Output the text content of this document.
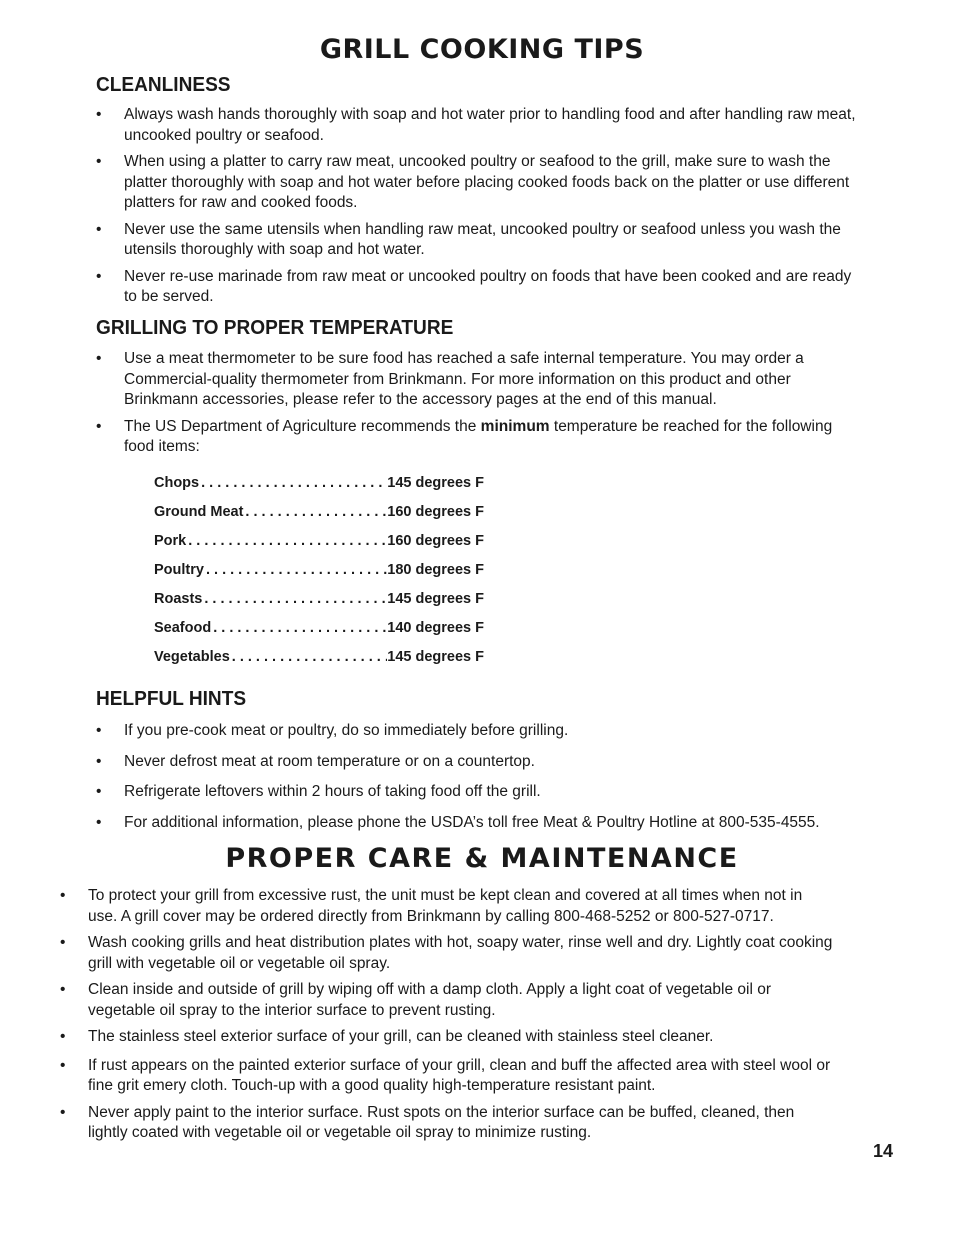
GRILL COOKING TIPS
CLEANLINESS
• Always wash hands thoroughly with soap and hot water prior to handling food and after handling raw meat, uncooked poultry or seafood.
• When using a platter to carry raw meat, uncooked poultry or seafood to the grill, make sure to wash the platter thoroughly with soap and hot water before placing cooked foods back on the platter or use different platters for raw and cooked foods.
• Never use the same utensils when handling raw meat, uncooked poultry or seafood unless you wash the utensils thoroughly with soap and hot water.
• Never re-use marinade from raw meat or uncooked poultry on foods that have been cooked and are ready to be served.
GRILLING TO PROPER TEMPERATURE
• Use a meat thermometer to be sure food has reached a safe internal temperature. You may order a Commercial-quality thermometer from Brinkmann. For more information on this product and other Brinkmann accessories, please refer to the accessory pages at the end of this manual.
• The US Department of Agriculture recommends the minimum temperature be reached for the following food items:
Chops . . .	145 degrees F
Ground Meat . . .	160 degrees F
Pork . . .	160 degrees F
Poultry . . .	180 degrees F
Roasts . . .	145 degrees F
Seafood . . .	140 degrees F
Vegetables . . .	145 degrees F
HELPFUL HINTS
• If you pre-cook meat or poultry, do so immediately before grilling.
• Never defrost meat at room temperature or on a countertop.
• Refrigerate leftovers within 2 hours of taking food off the grill.
• For additional information, please phone the USDA’s toll free Meat & Poultry Hotline at 800-535-4555.
PROPER CARE & MAINTENANCE
• To protect your grill from excessive rust, the unit must be kept clean and covered at all times when not in use. A grill cover may be ordered directly from Brinkmann by calling 800-468-5252 or 800-527-0717.
• Wash cooking grills and heat distribution plates with hot, soapy water, rinse well and dry. Lightly coat cooking grill with vegetable oil or vegetable oil spray.
• Clean inside and outside of grill by wiping off with a damp cloth. Apply a light coat of vegetable oil or vegetable oil spray to the interior surface to prevent rusting.
• The stainless steel exterior surface of your grill, can be cleaned with stainless steel cleaner.
• If rust appears on the painted exterior surface of your grill, clean and buff the affected area with steel wool or fine grit emery cloth. Touch-up with a good quality high-temperature resistant paint.
• Never apply paint to the interior surface. Rust spots on the interior surface can be buffed, cleaned, then lightly coated with vegetable oil or vegetable oil spray to minimize rusting.
14
